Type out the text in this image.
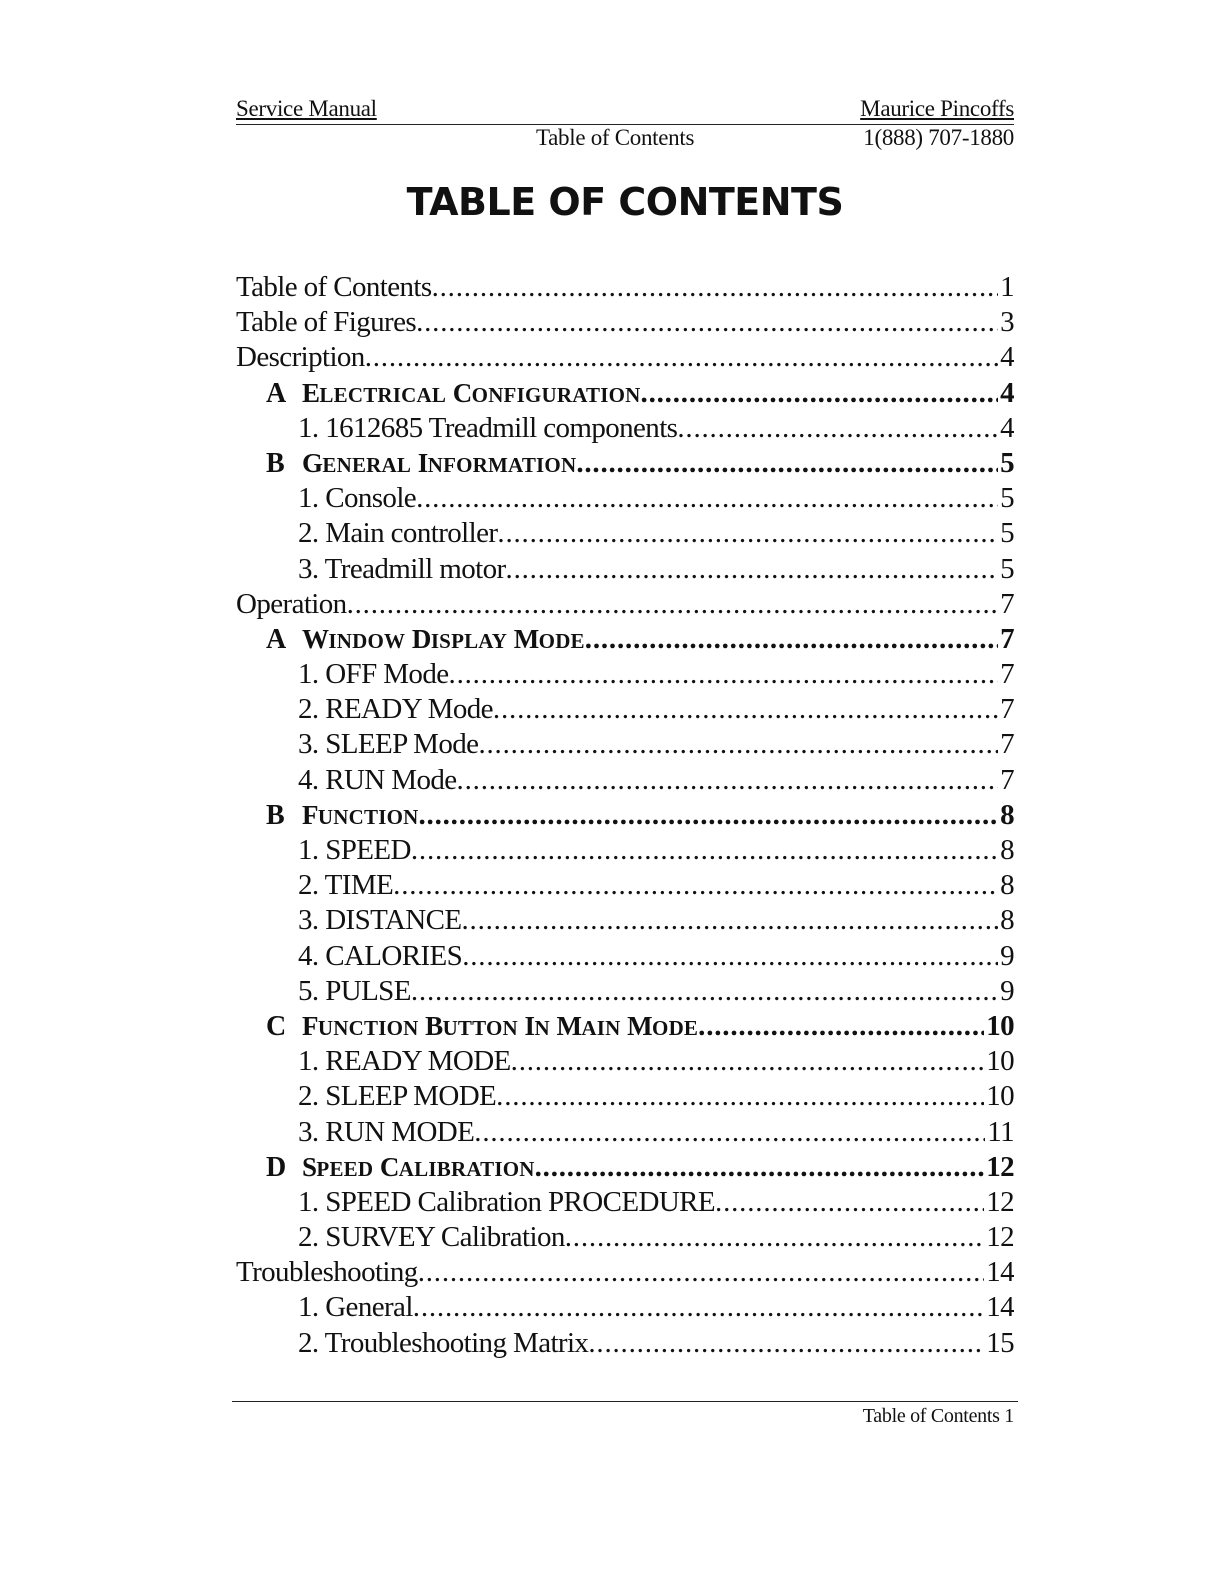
Service Manual	Maurice Pincoffs
Table of Contents	1(888) 707-1880
TABLE OF CONTENTS
Table of Contents .....	1
Table of Figures .....	3
Description .....	4
A ELECTRICAL CONFIGURATION .....	4
1. 1612685 Treadmill components .....	4
B GENERAL INFORMATION .....	5
1. Console .....	5
2. Main controller .....	5
3. Treadmill motor .....	5
Operation .....	7
A WINDOW DISPLAY MODE .....	7
1. OFF Mode .....	7
2. READY Mode .....	7
3. SLEEP Mode .....	7
4. RUN Mode .....	7
B FUNCTION .....	8
1. SPEED .....	8
2. TIME .....	8
3. DISTANCE .....	8
4. CALORIES .....	9
5. PULSE .....	9
C FUNCTION BUTTON IN MAIN MODE .....	10
1. READY MODE .....	10
2. SLEEP MODE .....	10
3. RUN MODE .....	11
D SPEED CALIBRATION .....	12
1. SPEED Calibration PROCEDURE .....	12
2. SURVEY Calibration .....	12
Troubleshooting .....	14
1. General .....	14
2. Troubleshooting Matrix .....	15
Table of Contents 1
